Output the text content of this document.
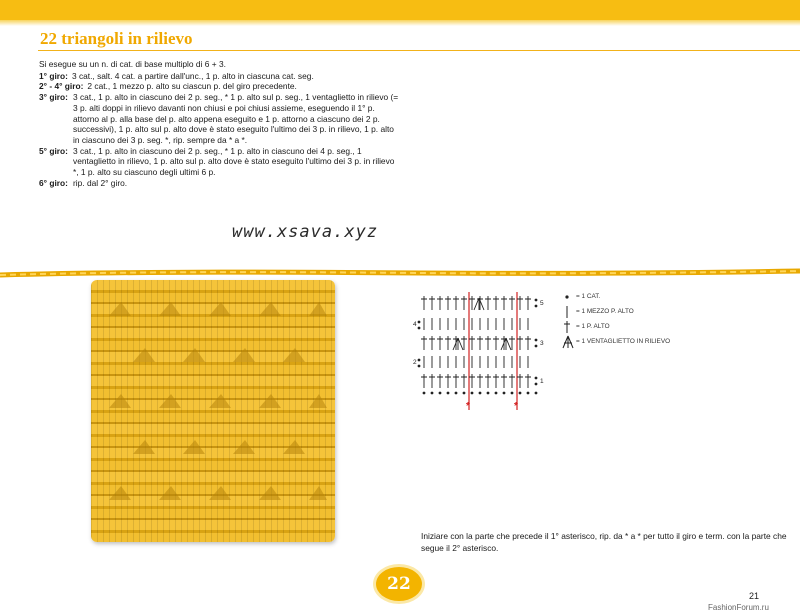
22 triangoli in rilievo
Si esegue su un n. di cat. di base multiplo di 6 + 3.
1° giro: 3 cat., salt. 4 cat. a partire dall'unc., 1 p. alto in ciascuna cat. seg.
2° - 4° giro: 2 cat., 1 mezzo p. alto su ciascun p. del giro precedente.
3° giro: 3 cat., 1 p. alto in ciascuno dei 2 p. seg., * 1 p. alto sul p. seg., 1 ventaglietto in rilievo (= 3 p. alti doppi in rilievo davanti non chiusi e poi chiusi assieme, eseguendo il 1° p. attorno al p. alla base del p. alto appena eseguito e 1 p. attorno a ciascuno dei 2 p. successivi), 1 p. alto sul p. alto dove è stato eseguito l'ultimo dei 3 p. in rilievo, 1 p. alto in ciascuno dei 3 p. seg. *, rip. sempre da * a *.
5° giro: 3 cat., 1 p. alto in ciascuno dei 2 p. seg., * 1 p. alto in ciascuno dei 4 p. seg., 1 ventaglietto in rilievo, 1 p. alto sul p. alto dove è stato eseguito l'ultimo dei 3 p. in rilievo *, 1 p. alto su ciascuno degli ultimi 6 p.
6° giro: rip. dal 2° giro.
www.xsava.xyz
5
4
3
2
1
*	*
= 1 CAT.
= 1 MEZZO P. ALTO
= 1 P. ALTO
= 1 VENTAGLIETTO IN RILIEVO
Iniziare con la parte che precede il 1° asterisco, rip. da * a * per tutto il giro e term. con la parte che segue il 2° asterisco.
22
21
FashionForum.ru
